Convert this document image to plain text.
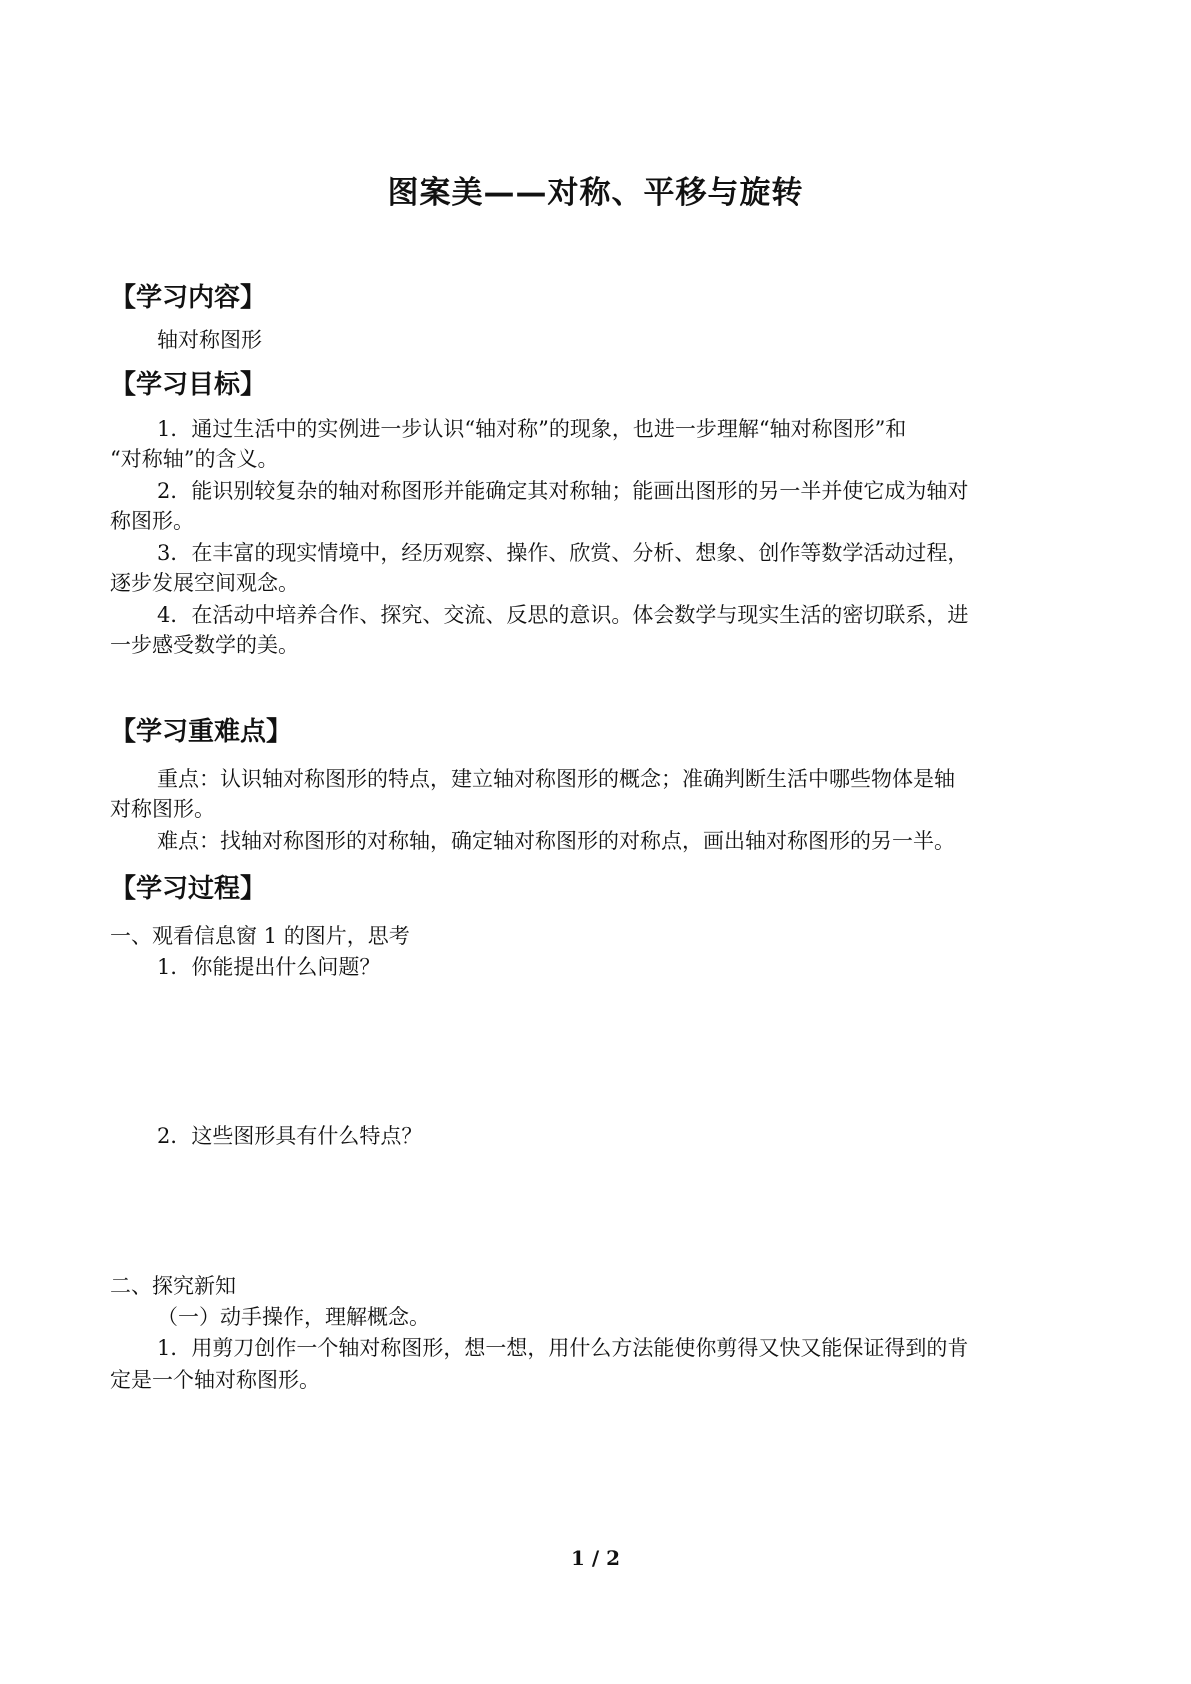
图案美——对称、平移与旋转
【学习内容】
轴对称图形
【学习目标】
1．通过生活中的实例进一步认识“轴对称”的现象，也进一步理解“轴对称图形”和
“对称轴”的含义。
2．能识别较复杂的轴对称图形并能确定其对称轴；能画出图形的另一半并使它成为轴对
称图形。
3．在丰富的现实情境中，经历观察、操作、欣赏、分析、想象、创作等数学活动过程，
逐步发展空间观念。
4．在活动中培养合作、探究、交流、反思的意识。体会数学与现实生活的密切联系，进
一步感受数学的美。
【学习重难点】
重点：认识轴对称图形的特点，建立轴对称图形的概念；准确判断生活中哪些物体是轴
对称图形。
难点：找轴对称图形的对称轴，确定轴对称图形的对称点，画出轴对称图形的另一半。
【学习过程】
一、观看信息窗 1 的图片，思考
1．你能提出什么问题？
2．这些图形具有什么特点？
二、探究新知
（一）动手操作，理解概念。
1．用剪刀创作一个轴对称图形，想一想，用什么方法能使你剪得又快又能保证得到的肯
定是一个轴对称图形。
1 / 2
